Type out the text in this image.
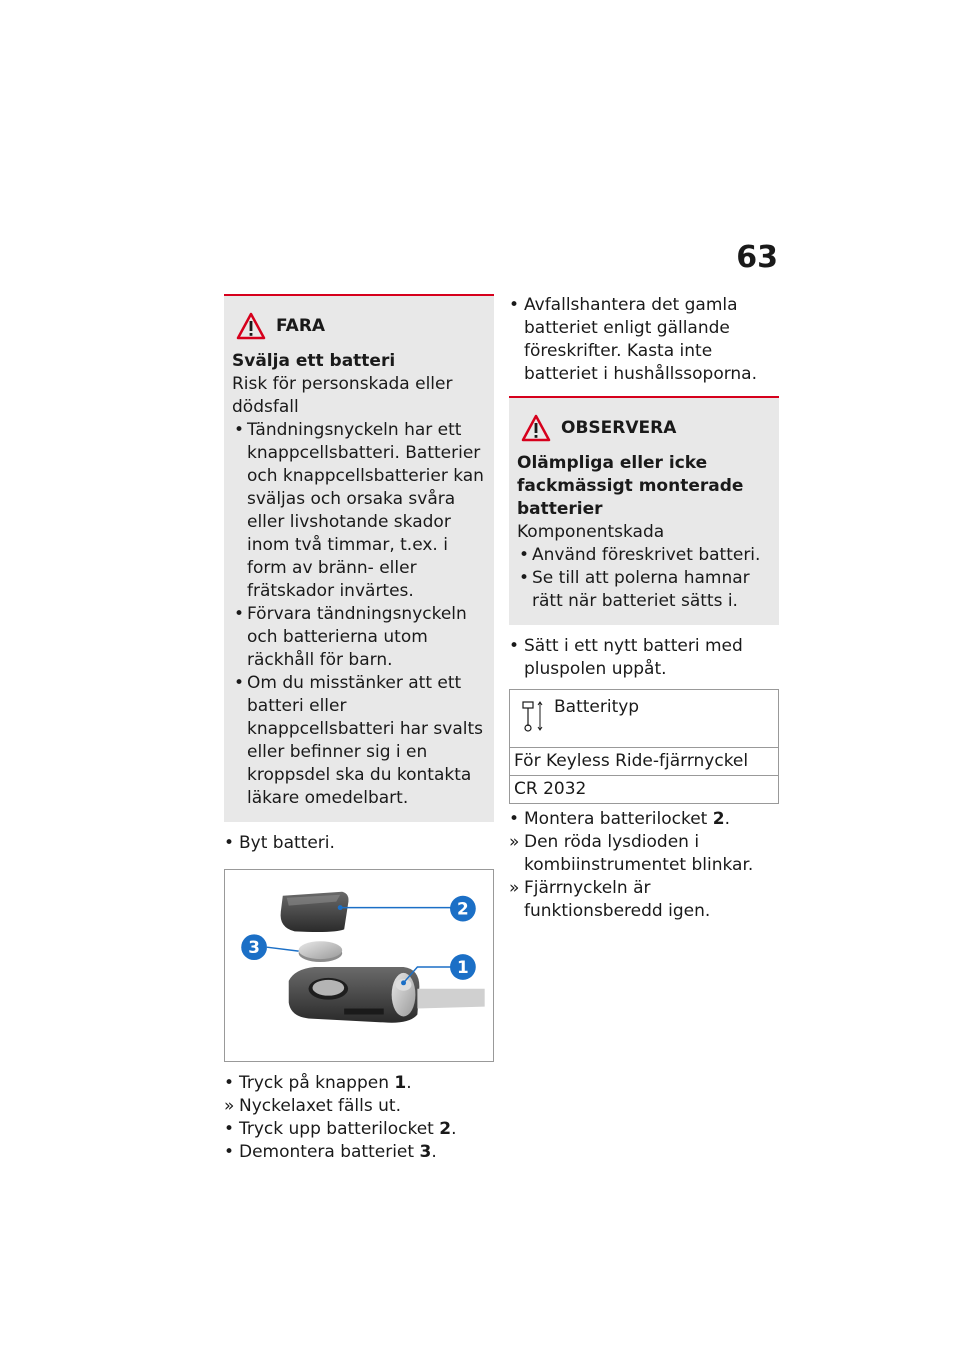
63
FARA
Svälja ett batteri
Risk för personskada eller dödsfall
• Tändningsnyckeln har ett knappcellsbatteri. Batterier och knappcellsbatterier kan sväljas och orsaka svåra eller livshotande skador inom två timmar, t.ex. i form av bränn- eller frätskador invärtes.
• Förvara tändningsnyckeln och batterierna utom räckhåll för barn.
• Om du misstänker att ett batteri eller knappcellsbatteri har svalts eller befinner sig i en kroppsdel ska du kontakta läkare omedelbart.
• Byt batteri.
2
3
1
• Tryck på knappen 1.
» Nyckelaxet fälls ut.
• Tryck upp batterilocket 2.
• Demontera batteriet 3.
• Avfallshantera det gamla batteriet enligt gällande föreskrifter. Kasta inte batteriet i hushållssoporna.
OBSERVERA
Olämpliga eller icke fackmässigt monterade batterier
Komponentskada
• Använd föreskrivet batteri.
• Se till att polerna hamnar rätt när batteriet sätts i.
• Sätt i ett nytt batteri med pluspolen uppåt.
Batterityp

För Keyless Ride-fjärrnyckel
CR 2032
• Montera batterilocket 2.
» Den röda lysdioden i kombiinstrumentet blinkar.
» Fjärrnyckeln är funktionsberedd igen.
